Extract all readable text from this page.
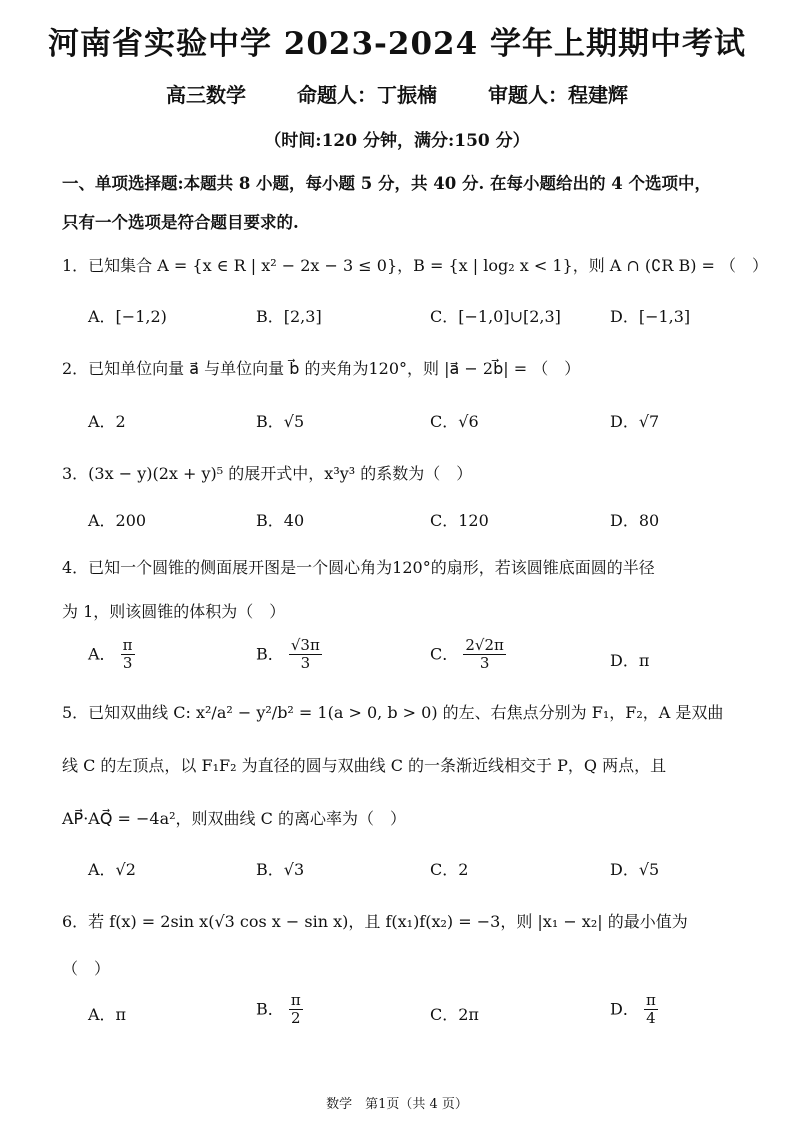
河南省实验中学 2023-2024 学年上期期中考试
高三数学	命题人：丁振楠	审题人：程建辉
（时间:120 分钟，满分:150 分）
一、单项选择题:本题共 8 小题，每小题 5 分，共 40 分. 在每小题给出的 4 个选项中，
只有一个选项是符合题目要求的.
1．已知集合 A = {x ∈ R | x² − 2x − 3 ≤ 0}，B = {x | log₂ x < 1}，则 A ∩ (∁R B) = （　）
A．[−1,2)	B．[2,3]	C．[−1,0]∪[2,3]	D．[−1,3]
2．已知单位向量 a⃗ 与单位向量 b⃗ 的夹角为120°，则 |a⃗ − 2b⃗| = （　）
A．2	B．√5	C．√6	D．√7
3．(3x − y)(2x + y)⁵ 的展开式中，x³y³ 的系数为（　）
A．200	B．40	C．120	D．80
4．已知一个圆锥的侧面展开图是一个圆心角为120°的扇形，若该圆锥底面圆的半径
为 1，则该圆锥的体积为（　）
A． $\frac{\pi}{3}$	B． $\frac{√3\pi}{3}$	C． $\frac{2√2\pi}{3}$	D．π
5．已知双曲线 C: x²/a² − y²/b² = 1(a > 0, b > 0) 的左、右焦点分别为 F₁，F₂，A 是双曲
线 C 的左顶点，以 F₁F₂ 为直径的圆与双曲线 C 的一条渐近线相交于 P，Q 两点，且
AP⃗·AQ⃗ = −4a²，则双曲线 C 的离心率为（　）
A．√2	B．√3	C．2	D．√5
6．若 f(x) = 2sin x(√3 cos x − sin x)，且 f(x₁)f(x₂) = −3，则 |x₁ − x₂| 的最小值为
（　）
A．π	B． $\frac{\pi}{2}$	C．2π	D． $\frac{\pi}{4}$
数学　第1页（共 4 页）
